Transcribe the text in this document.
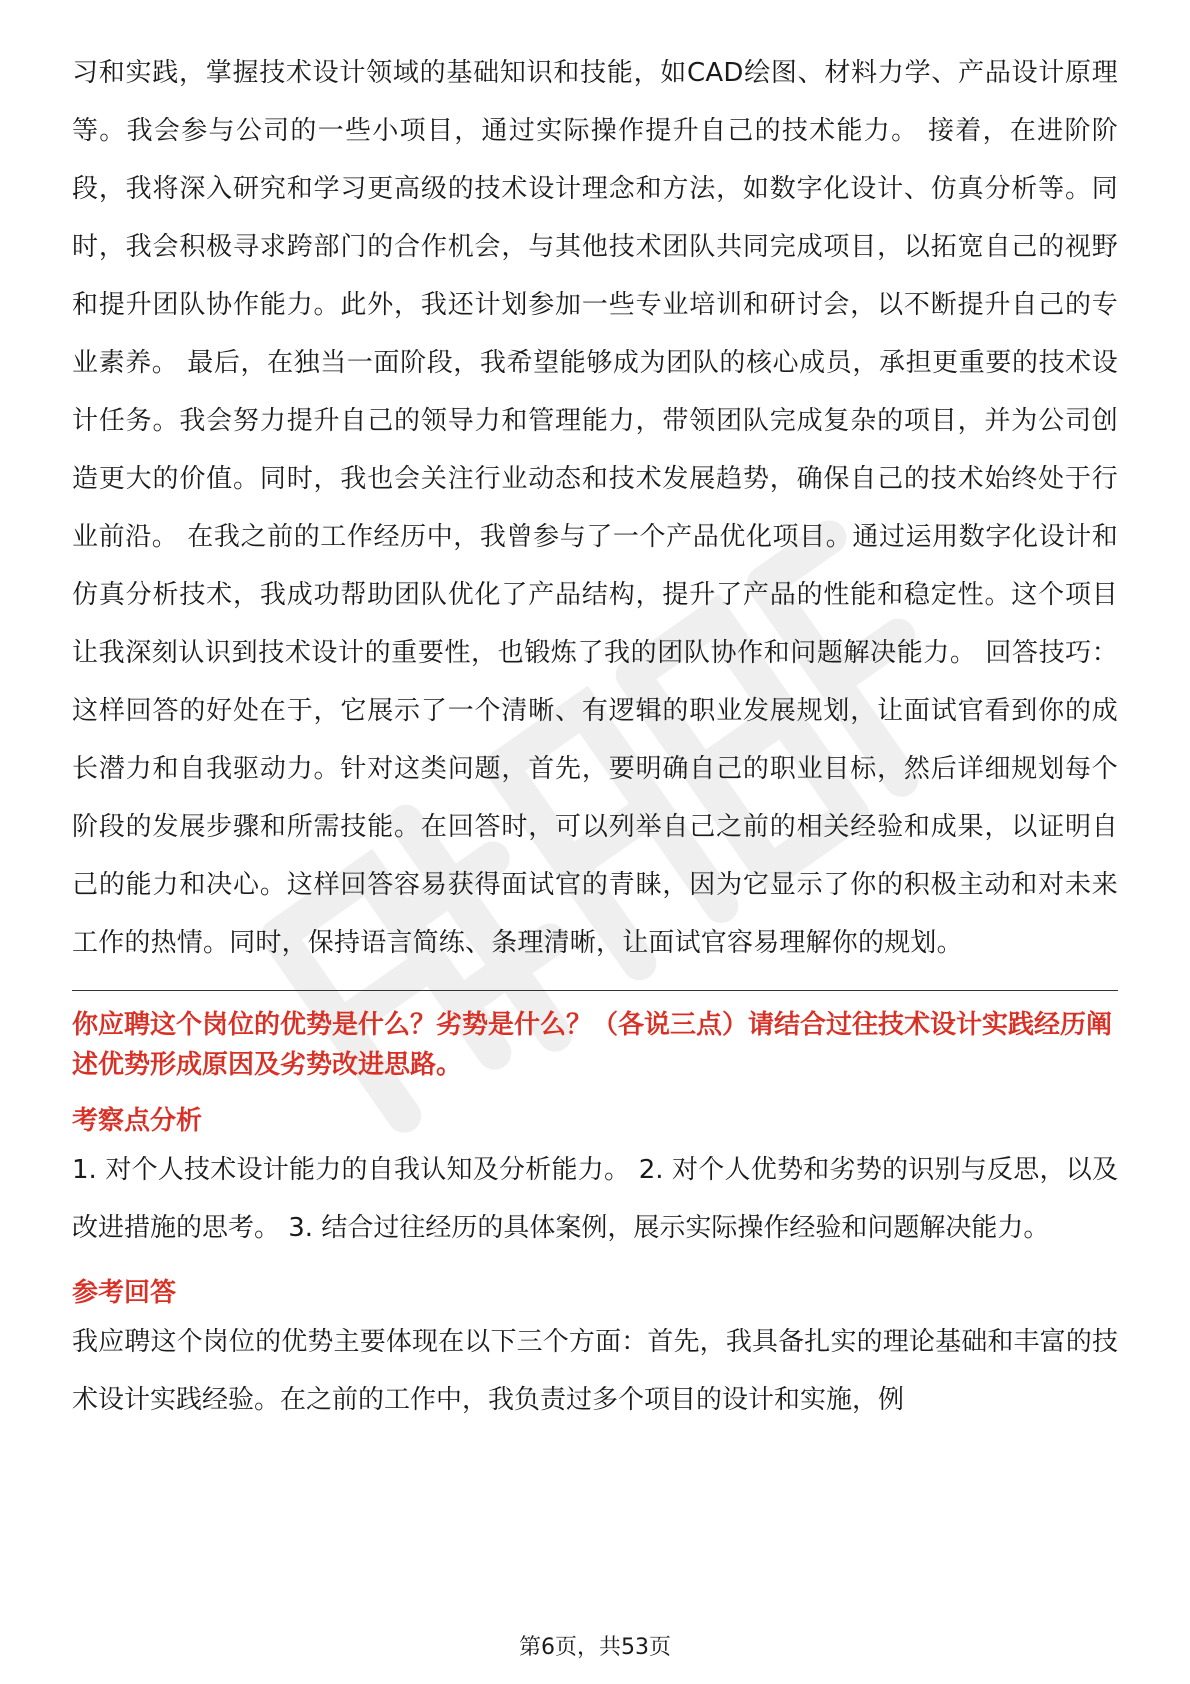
习和实践，掌握技术设计领域的基础知识和技能，如CAD绘图、材料力学、产品设计原理等。我会参与公司的一些小项目，通过实际操作提升自己的技术能力。 接着，在进阶阶段，我将深入研究和学习更高级的技术设计理念和方法，如数字化设计、仿真分析等。同时，我会积极寻求跨部门的合作机会，与其他技术团队共同完成项目，以拓宽自己的视野和提升团队协作能力。此外，我还计划参加一些专业培训和研讨会，以不断提升自己的专业素养。 最后，在独当一面阶段，我希望能够成为团队的核心成员，承担更重要的技术设计任务。我会努力提升自己的领导力和管理能力，带领团队完成复杂的项目，并为公司创造更大的价值。同时，我也会关注行业动态和技术发展趋势，确保自己的技术始终处于行业前沿。 在我之前的工作经历中，我曾参与了一个产品优化项目。通过运用数字化设计和仿真分析技术，我成功帮助团队优化了产品结构，提升了产品的性能和稳定性。这个项目让我深刻认识到技术设计的重要性，也锻炼了我的团队协作和问题解决能力。 回答技巧： 这样回答的好处在于，它展示了一个清晰、有逻辑的职业发展规划，让面试官看到你的成长潜力和自我驱动力。针对这类问题，首先，要明确自己的职业目标，然后详细规划每个阶段的发展步骤和所需技能。在回答时，可以列举自己之前的相关经验和成果，以证明自己的能力和决心。这样回答容易获得面试官的青睐，因为它显示了你的积极主动和对未来工作的热情。同时，保持语言简练、条理清晰，让面试官容易理解你的规划。

你应聘这个岗位的优势是什么？劣势是什么？（各说三点）请结合过往技术设计实践经历阐述优势形成原因及劣势改进思路。

考察点分析

1. 对个人技术设计能力的自我认知及分析能力。 2. 对个人优势和劣势的识别与反思，以及改进措施的思考。 3. 结合过往经历的具体案例，展示实际操作经验和问题解决能力。

参考回答

我应聘这个岗位的优势主要体现在以下三个方面：首先，我具备扎实的理论基础和丰富的技术设计实践经验。在之前的工作中，我负责过多个项目的设计和实施，例

第6页，共53页
